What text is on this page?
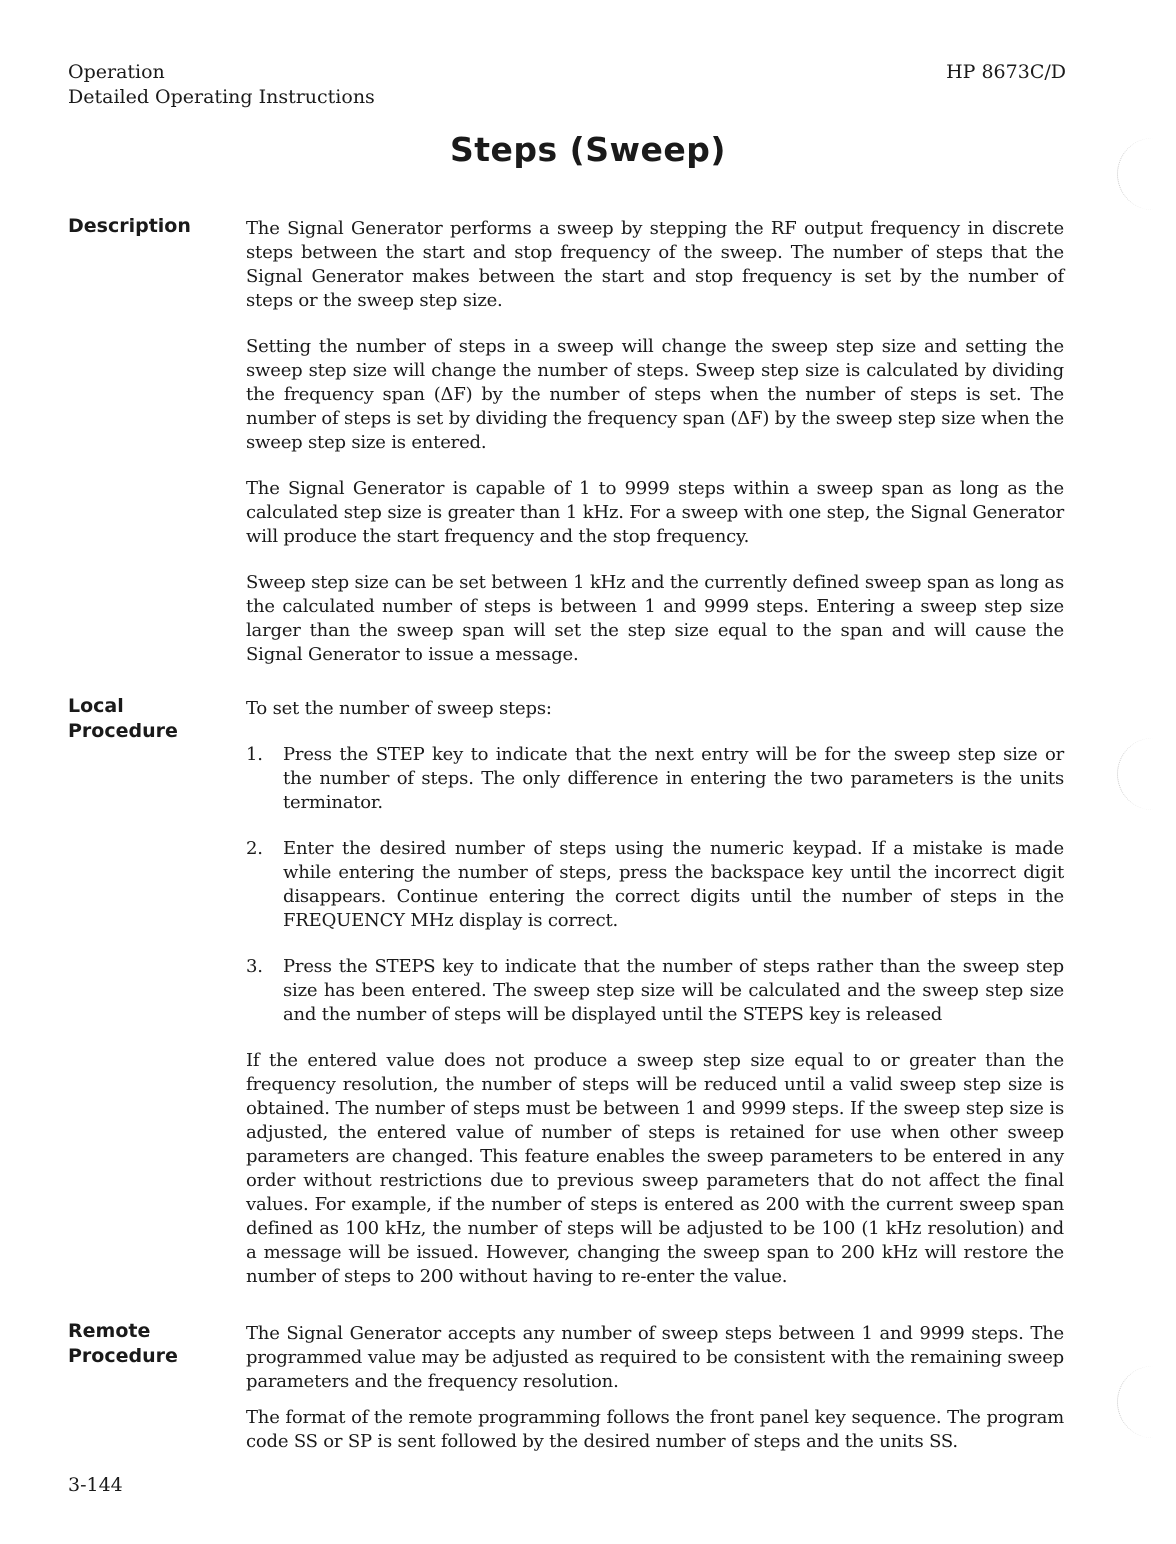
Operation
Detailed Operating Instructions
HP 8673C/D
Steps (Sweep)
Description	The Signal Generator performs a sweep by stepping the RF output frequency in discrete steps between the start and stop frequency of the sweep. The number of steps that the Signal Generator makes between the start and stop frequency is set by the number of steps or the sweep step size.

Setting the number of steps in a sweep will change the sweep step size and setting the sweep step size will change the number of steps. Sweep step size is calculated by dividing the frequency span (ΔF) by the number of steps when the number of steps is set. The number of steps is set by dividing the frequency span (ΔF) by the sweep step size when the sweep step size is entered.

The Signal Generator is capable of 1 to 9999 steps within a sweep span as long as the calculated step size is greater than 1 kHz. For a sweep with one step, the Signal Generator will produce the start frequency and the stop frequency.

Sweep step size can be set between 1 kHz and the currently defined sweep span as long as the calculated number of steps is between 1 and 9999 steps. Entering a sweep step size larger than the sweep span will set the step size equal to the span and will cause the Signal Generator to issue a message.

Local
Procedure

To set the number of sweep steps:

1. Press the STEP key to indicate that the next entry will be for the sweep step size or the number of steps. The only difference in entering the two parameters is the units terminator.
2. Enter the desired number of steps using the numeric keypad. If a mistake is made while entering the number of steps, press the backspace key until the incorrect digit disappears. Continue entering the correct digits until the number of steps in the FREQUENCY MHz display is correct.
3. Press the STEPS key to indicate that the number of steps rather than the sweep step size has been entered. The sweep step size will be calculated and the sweep step size and the number of steps will be displayed until the STEPS key is released

If the entered value does not produce a sweep step size equal to or greater than the frequency resolution, the number of steps will be reduced until a valid sweep step size is obtained. The number of steps must be between 1 and 9999 steps. If the sweep step size is adjusted, the entered value of number of steps is retained for use when other sweep parameters are changed. This feature enables the sweep parameters to be entered in any order without restrictions due to previous sweep parameters that do not affect the final values. For example, if the number of steps is entered as 200 with the current sweep span defined as 100 kHz, the number of steps will be adjusted to be 100 (1 kHz resolution) and a message will be issued. However, changing the sweep span to 200 kHz will restore the number of steps to 200 without having to re-enter the value.

Remote
Procedure

The Signal Generator accepts any number of sweep steps between 1 and 9999 steps. The programmed value may be adjusted as required to be consistent with the remaining sweep parameters and the frequency resolution.

The format of the remote programming follows the front panel key sequence. The program code SS or SP is sent followed by the desired number of steps and the units SS.

3-144
